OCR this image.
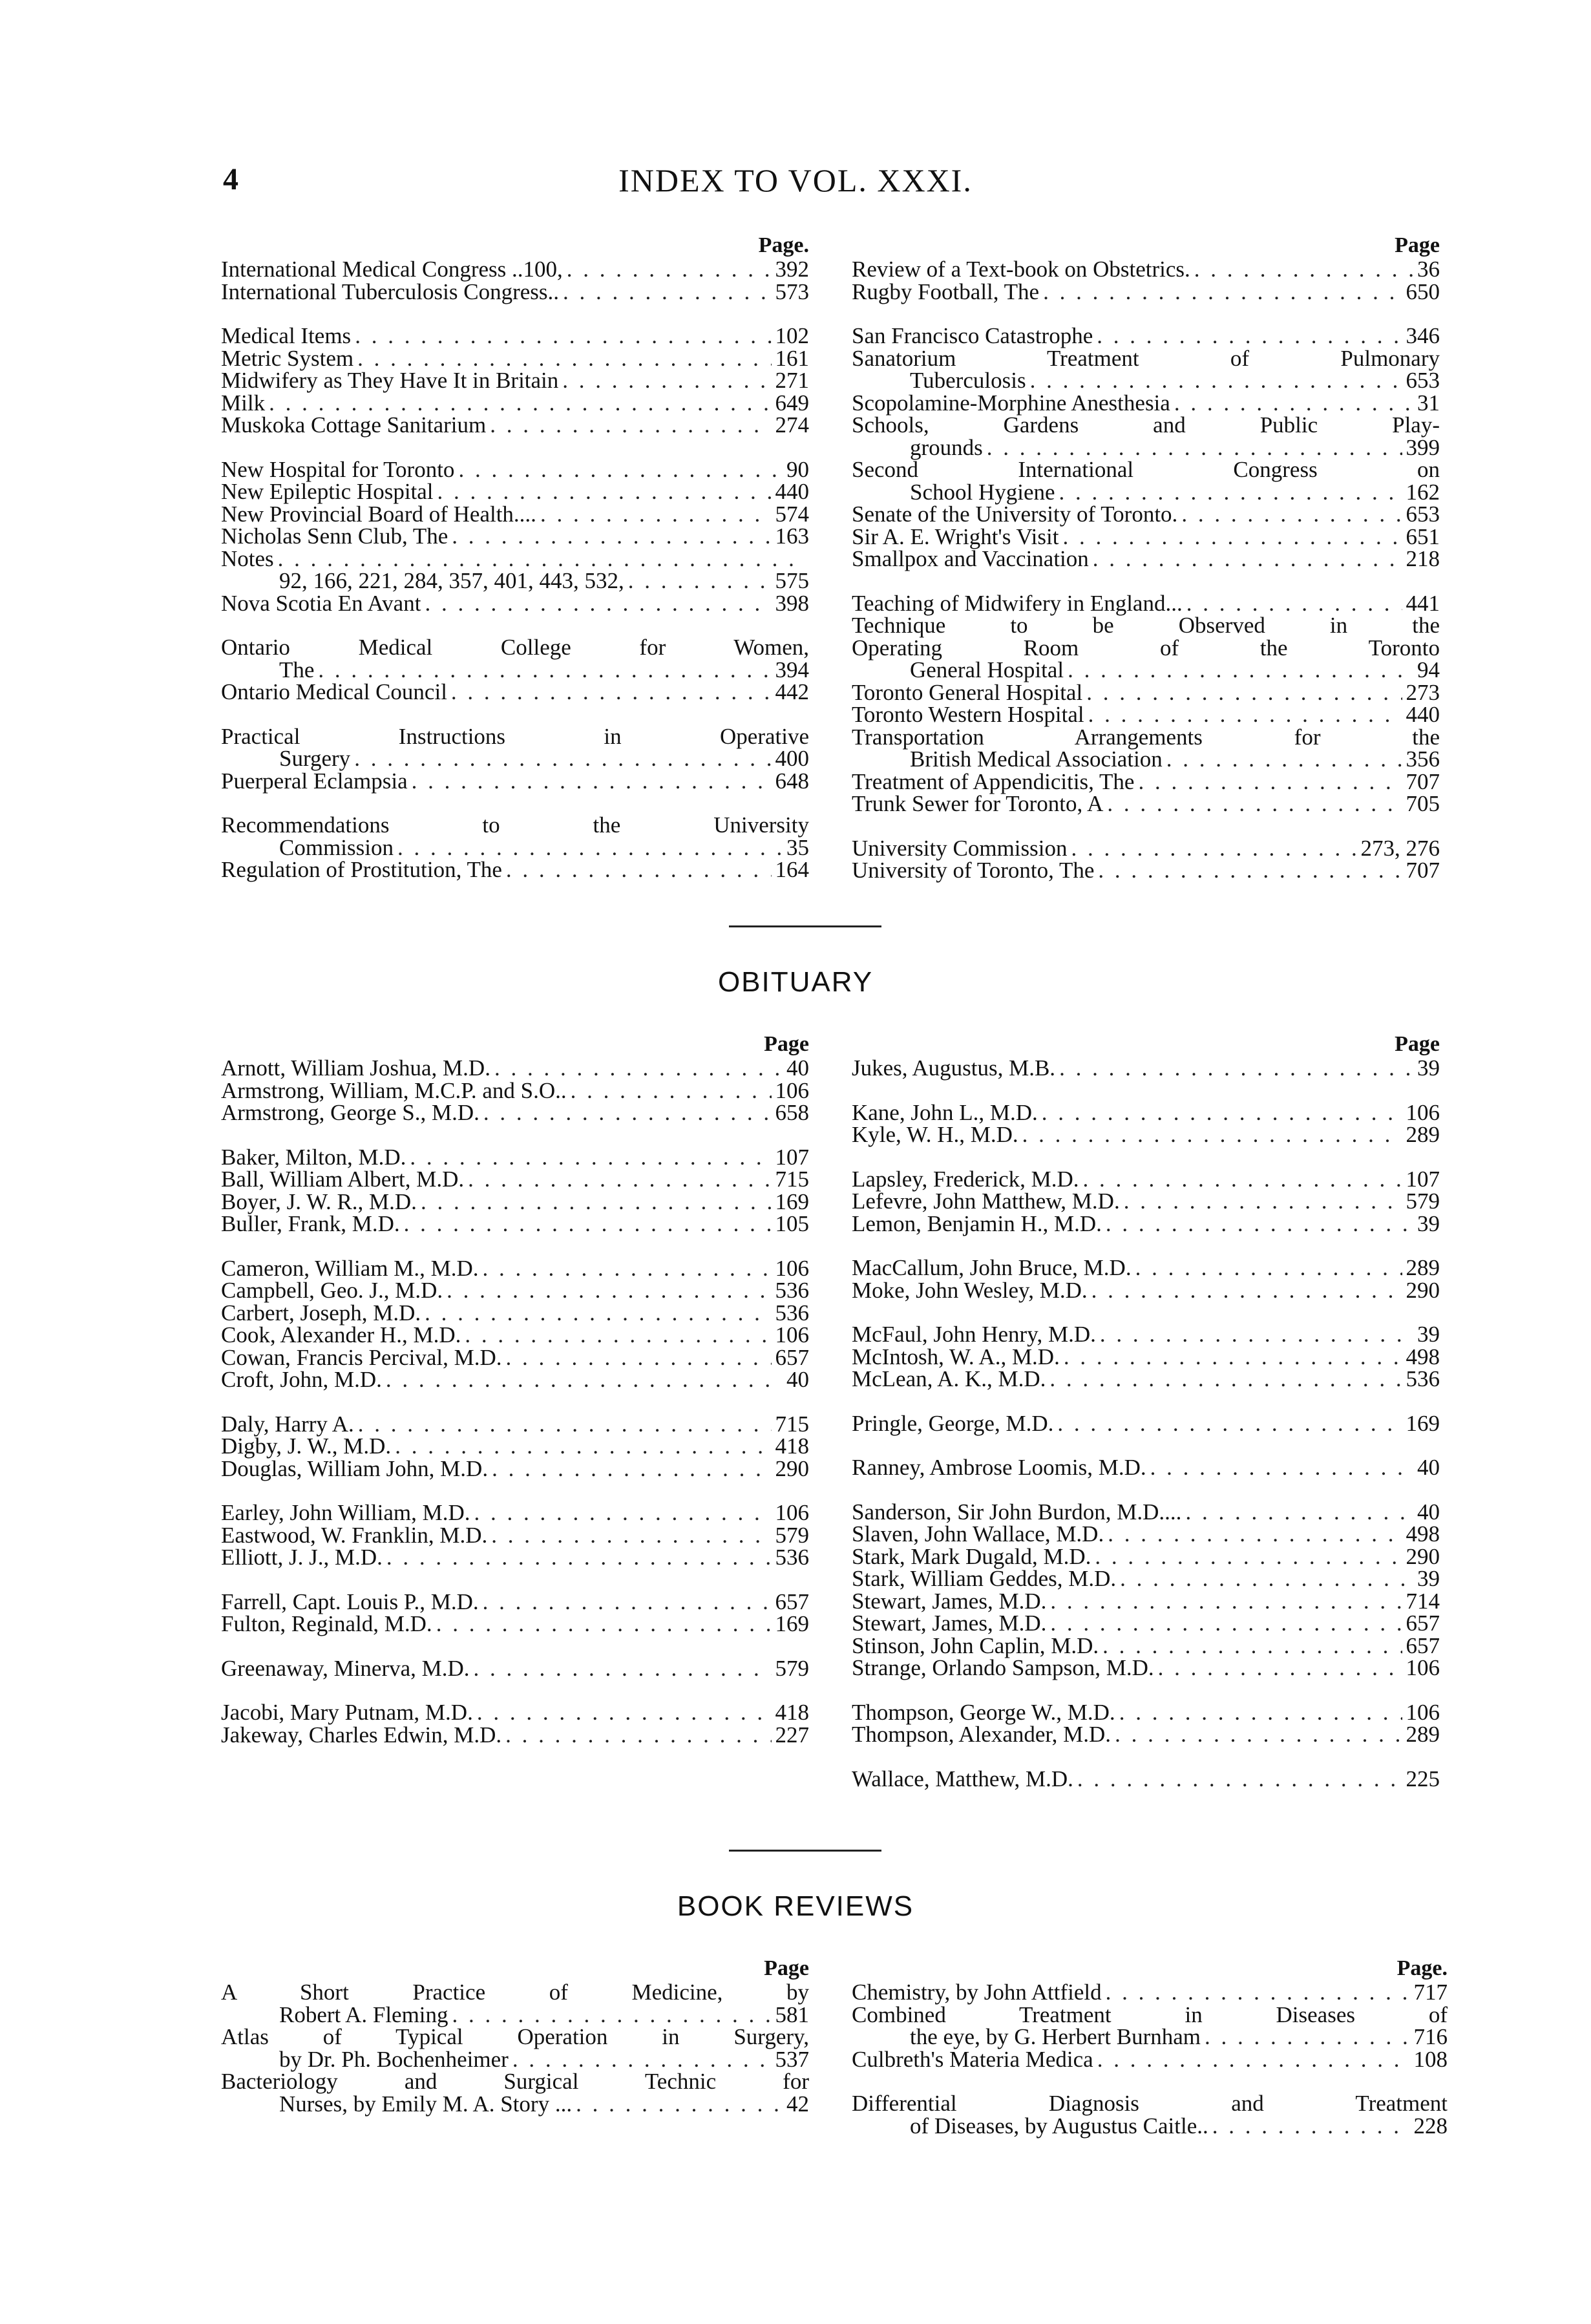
4	INDEX TO VOL. XXXI.
Page.
International Medical Congress ..100, . . .	392
International Tuberculosis Congress.. . . .	573
Medical Items . . .	102
Metric System . . .	161
Midwifery as They Have It in Britain . . .	271
Milk . . .	649
Muskoka Cottage Sanitarium . . .	274
New Hospital for Toronto . . .	90
New Epileptic Hospital . . .	440
New Provincial Board of Health.... . . .	574
Nicholas Senn Club, The . . .	163
Notes
. . .
92, 166, 221, 284, 357, 401, 443, 532, . . .	575
Nova Scotia En Avant . . .	398
Ontario Medical College for Women,
The . . .	394
Ontario Medical Council . . .	442
Practical Instructions in Operative
Surgery . . .	400
Puerperal Eclampsia . . .	648
Recommendations to the University
Commission . . .	35
Regulation of Prostitution, The . . .	164
Page
Review of a Text-book on Obstetrics. . . .	36
Rugby Football, The . . .	650
San Francisco Catastrophe . . .	346
Sanatorium Treatment of Pulmonary
Tuberculosis . . .	653
Scopolamine-Morphine Anesthesia . . .	31
Schools, Gardens and Public Play-
grounds . . .	399
Second International Congress on
School Hygiene . . .	162
Senate of the University of Toronto. . . .	653
Sir A. E. Wright's Visit . . .	651
Smallpox and Vaccination . . .	218
Teaching of Midwifery in England... . . .	441
Technique to be Observed in the
Operating Room of the Toronto
General Hospital . . .	94
Toronto General Hospital . . .	273
Toronto Western Hospital . . .	440
Transportation Arrangements for the
British Medical Association . . .	356
Treatment of Appendicitis, The . . .	707
Trunk Sewer for Toronto, A . . .	705
University Commission . . .	273, 276
University of Toronto, The . . .	707
OBITUARY
Page
Arnott, William Joshua, M.D. . . .	40
Armstrong, William, M.C.P. and S.O.. . . .	106
Armstrong, George S., M.D. . . .	658
Baker, Milton, M.D. . . .	107
Ball, William Albert, M.D. . . .	715
Boyer, J. W. R., M.D. . . .	169
Buller, Frank, M.D. . . .	105
Cameron, William M., M.D. . . .	106
Campbell, Geo. J., M.D. . . .	536
Carbert, Joseph, M.D. . . .	536
Cook, Alexander H., M.D. . . .	106
Cowan, Francis Percival, M.D. . . .	657
Croft, John, M.D. . . .	40
Daly, Harry A. . . .	715
Digby, J. W., M.D. . . .	418
Douglas, William John, M.D. . . .	290
Earley, John William, M.D. . . .	106
Eastwood, W. Franklin, M.D. . . .	579
Elliott, J. J., M.D. . . .	536
Farrell, Capt. Louis P., M.D. . . .	657
Fulton, Reginald, M.D. . . .	169
Greenaway, Minerva, M.D. . . .	579
Jacobi, Mary Putnam, M.D. . . .	418
Jakeway, Charles Edwin, M.D. . . .	227
Page
Jukes, Augustus, M.B. . . .	39
Kane, John L., M.D. . . .	106
Kyle, W. H., M.D. . . .	289
Lapsley, Frederick, M.D. . . .	107
Lefevre, John Matthew, M.D. . . .	579
Lemon, Benjamin H., M.D. . . .	39
MacCallum, John Bruce, M.D. . . .	289
Moke, John Wesley, M.D. . . .	290
McFaul, John Henry, M.D. . . .	39
McIntosh, W. A., M.D. . . .	498
McLean, A. K., M.D. . . .	536
Pringle, George, M.D. . . .	169
Ranney, Ambrose Loomis, M.D. . . .	40
Sanderson, Sir John Burdon, M.D.... . . .	40
Slaven, John Wallace, M.D. . . .	498
Stark, Mark Dugald, M.D. . . .	290
Stark, William Geddes, M.D. . . .	39
Stewart, James, M.D. . . .	714
Stewart, James, M.D. . . .	657
Stinson, John Caplin, M.D. . . .	657
Strange, Orlando Sampson, M.D. . . .	106
Thompson, George W., M.D. . . .	106
Thompson, Alexander, M.D. . . .	289
Wallace, Matthew, M.D. . . .	225
BOOK REVIEWS
Page
A Short Practice of Medicine, by
Robert A. Fleming . . .	581
Atlas of Typical Operation in Surgery,
by Dr. Ph. Bochenheimer . . .	537
Bacteriology and Surgical Technic for
Nurses, by Emily M. A. Story ... . . .	42
Page.
Chemistry, by John Attfield . . .	717
Combined Treatment in Diseases of
the eye, by G. Herbert Burnham . . .	716
Culbreth's Materia Medica . . .	108
Differential Diagnosis and Treatment
of Diseases, by Augustus Caitle.. . . .	228
